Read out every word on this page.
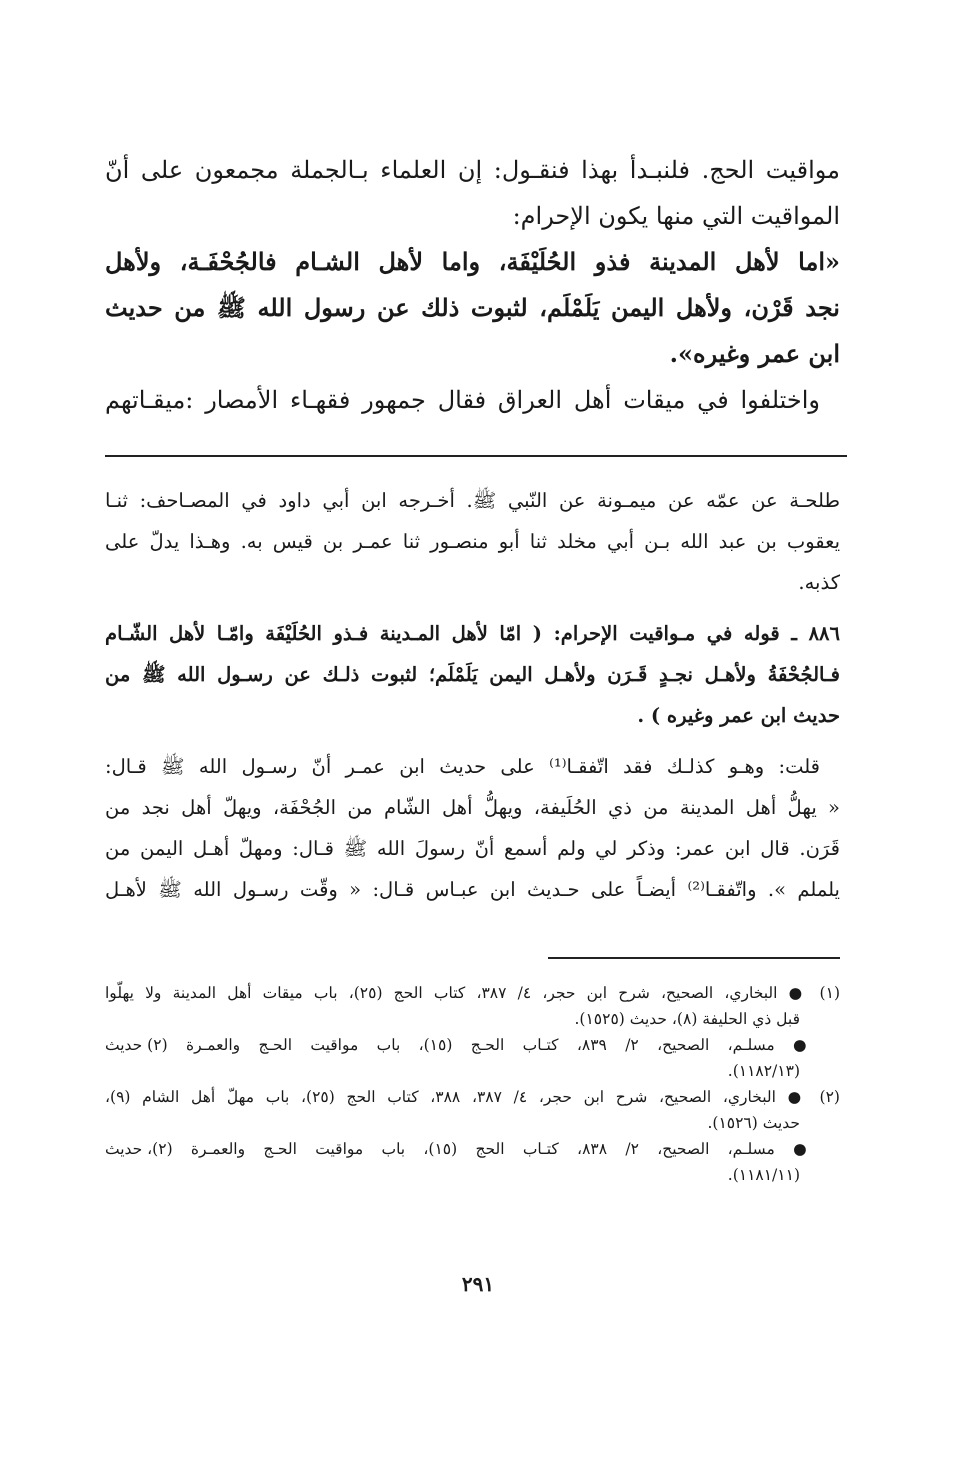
مواقيت الحج. فلنبـدأ بهذا فنقـول: إن العلماء بـالجملة مجمعون على أنّ
المواقيت التي منها يكون الإحرام:
«اما لأهل المدينة فذو الحُلَيْفَة، واما لأهل الشـام فالجُحْفَـة، ولأهل
نجد قَرْن، ولأهل اليمن يَلَمْلَم، لثبوت ذلك عن رسول الله ﷺ من حديث
ابن عمر وغيره».
واختلفوا في ميقات أهل العراق فقال جمهور فقهـاء الأمصار :ميقـاتهم
طلحـة عن عمّه عن ميمـونة عن النّبي ﷺ. أخـرجه ابن أبي داود في المصـاحف: ثنـا
يعقوب بن عبد الله بـن أبي مخلد ثنا أبو منصـور ثنا عمـر بن قيس به. وهـذا يدلّ على
كذبه.
٨٨٦ ـ قوله في مـواقيت الإحرام: ( امّا لأهل المـدينة فـذو الحُلَيْفَة وامّـا لأهل الشّـام
فـالجُحْفَةُ ولأهـل نجـدٍ قَـرَن ولأهـل اليمن يَلَمْلَم؛ لثبوت ذلـك عن رسـول الله ﷺ من
حديث ابن عمر وغيره ) .
قلت: وهـو كذلـك فقد اتّفقـا⁽¹⁾ على حديث ابن عمـر أنّ رسـول الله ﷺ قـال:
« يهلُّ أهل المدينة من ذي الحُلَيفة، ويهلُّ أهل الشّام من الجُحْفَة، ويهلّ أهل نجد من
قَرَن. قال ابن عمر: وذكر لي ولم أسمع أنّ رسولَ الله ﷺ قـال: ومهلّ أهـل اليمن من
يلملم ». واتّفقـا⁽²⁾ أيضـاً على حـديث ابن عبـاس قـال: « وقّت رسـول الله ﷺ لأهـل
(١) ● البخاري، الصحيح، شرح ابن حجر، ٤/ ٣٨٧، كتاب الحج (٢٥)، باب ميقات أهل المدينة ولا يهلّوا
قبل ذي الحليفة (٨)، حديث (١٥٢٥).
● مسلـم، الصحيح، ٢/ ٨٣٩، كتـاب الحـج (١٥)، باب مواقيت الحـج والعمـرة (٢) حديث
(١١٨٢/١٣).
(٢) ● البخاري، الصحيح، شرح ابن حجر، ٤/ ٣٨٧، ٣٨٨، كتاب الحج (٢٥)، باب مهلّ أهل الشام (٩)،
حديث (١٥٢٦).
● مسلـم، الصحيح، ٢/ ٨٣٨، كتـاب الحج (١٥)، باب مواقيت الحـج والعمـرة (٢)، حديث
(١١٨١/١١).
٢٩١
